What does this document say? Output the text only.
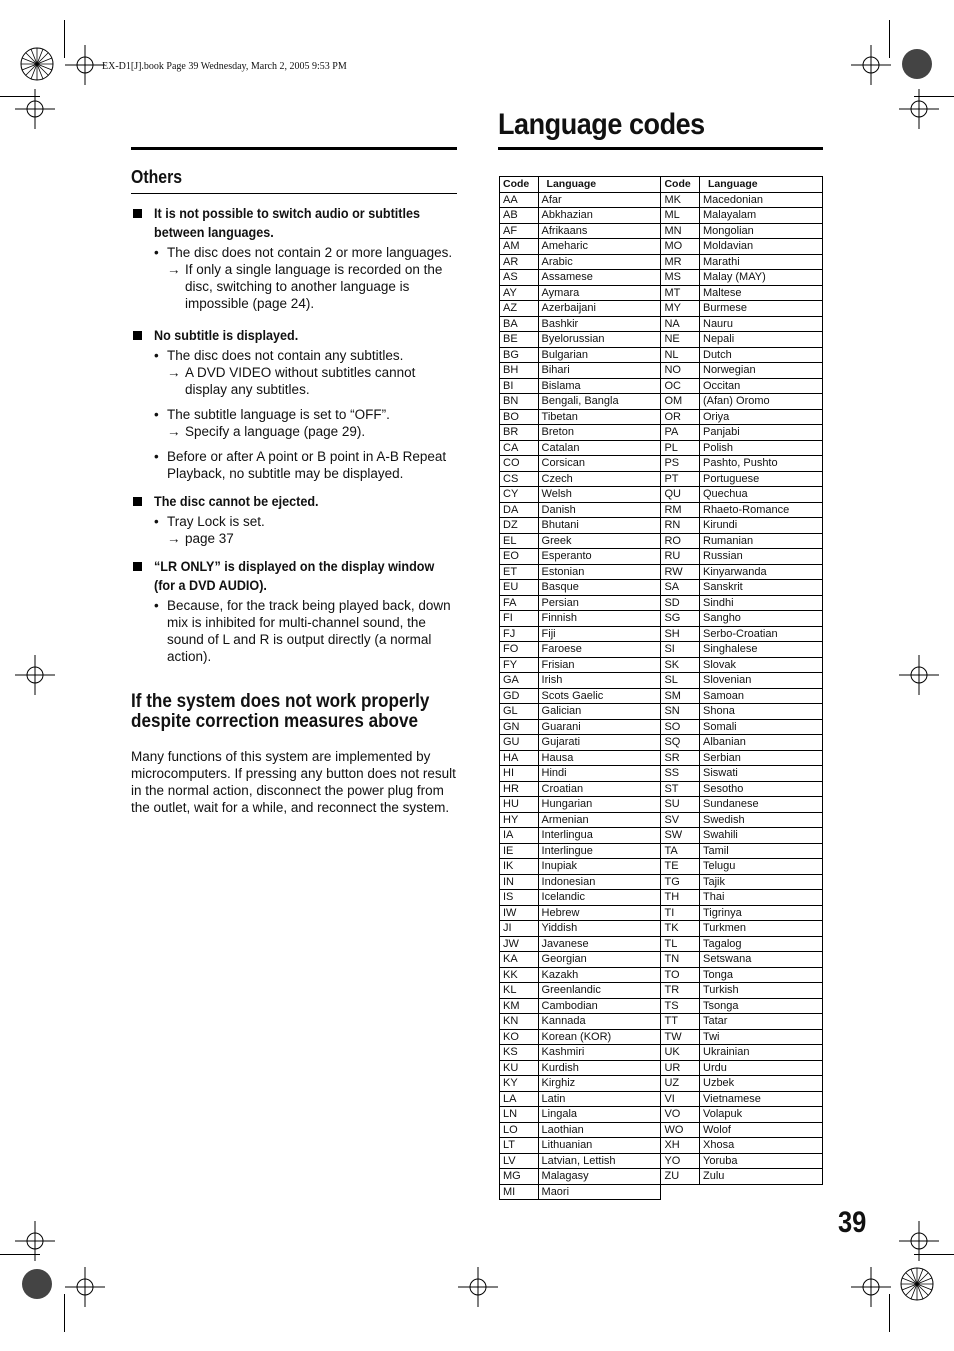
EX-D1[J].book Page 39 Wednesday, March 2, 2005 9:53 PM
Language codes
Others
It is not possible to switch audio or subtitles between languages.
• The disc does not contain 2 or more languages.
→ If only a single language is recorded on the disc, switching to another language is impossible (page 24).
No subtitle is displayed.
• The disc does not contain any subtitles.
→ A DVD VIDEO without subtitles cannot display any subtitles.
• The subtitle language is set to “OFF”.
→ Specify a language (page 29).
• Before or after A point or B point in A-B Repeat Playback, no subtitle may be displayed.
The disc cannot be ejected.
• Tray Lock is set.
→ page 37
“LR ONLY” is displayed on the display window (for a DVD AUDIO).
• Because, for the track being played back, down mix is inhibited for multi-channel sound, the sound of L and R is output directly (a normal action).
If the system does not work properly despite correction measures above
Many functions of this system are implemented by microcomputers. If pressing any button does not result in the normal action, disconnect the power plug from the outlet, wait for a while, and reconnect the system.
Code	Language	Code	Language
AA	Afar	MK	Macedonian
AB	Abkhazian	ML	Malayalam
AF	Afrikaans	MN	Mongolian
AM	Ameharic	MO	Moldavian
AR	Arabic	MR	Marathi
AS	Assamese	MS	Malay (MAY)
AY	Aymara	MT	Maltese
AZ	Azerbaijani	MY	Burmese
BA	Bashkir	NA	Nauru
BE	Byelorussian	NE	Nepali
BG	Bulgarian	NL	Dutch
BH	Bihari	NO	Norwegian
BI	Bislama	OC	Occitan
BN	Bengali, Bangla	OM	(Afan) Oromo
BO	Tibetan	OR	Oriya
BR	Breton	PA	Panjabi
CA	Catalan	PL	Polish
CO	Corsican	PS	Pashto, Pushto
CS	Czech	PT	Portuguese
CY	Welsh	QU	Quechua
DA	Danish	RM	Rhaeto-Romance
DZ	Bhutani	RN	Kirundi
EL	Greek	RO	Rumanian
EO	Esperanto	RU	Russian
ET	Estonian	RW	Kinyarwanda
EU	Basque	SA	Sanskrit
FA	Persian	SD	Sindhi
FI	Finnish	SG	Sangho
FJ	Fiji	SH	Serbo-Croatian
FO	Faroese	SI	Singhalese
FY	Frisian	SK	Slovak
GA	Irish	SL	Slovenian
GD	Scots Gaelic	SM	Samoan
GL	Galician	SN	Shona
GN	Guarani	SO	Somali
GU	Gujarati	SQ	Albanian
HA	Hausa	SR	Serbian
HI	Hindi	SS	Siswati
HR	Croatian	ST	Sesotho
HU	Hungarian	SU	Sundanese
HY	Armenian	SV	Swedish
IA	Interlingua	SW	Swahili
IE	Interlingue	TA	Tamil
IK	Inupiak	TE	Telugu
IN	Indonesian	TG	Tajik
IS	Icelandic	TH	Thai
IW	Hebrew	TI	Tigrinya
JI	Yiddish	TK	Turkmen
JW	Javanese	TL	Tagalog
KA	Georgian	TN	Setswana
KK	Kazakh	TO	Tonga
KL	Greenlandic	TR	Turkish
KM	Cambodian	TS	Tsonga
KN	Kannada	TT	Tatar
KO	Korean (KOR)	TW	Twi
KS	Kashmiri	UK	Ukrainian
KU	Kurdish	UR	Urdu
KY	Kirghiz	UZ	Uzbek
LA	Latin	VI	Vietnamese
LN	Lingala	VO	Volapuk
LO	Laothian	WO	Wolof
LT	Lithuanian	XH	Xhosa
LV	Latvian, Lettish	YO	Yoruba
MG	Malagasy	ZU	Zulu
MI	Maori		
39
